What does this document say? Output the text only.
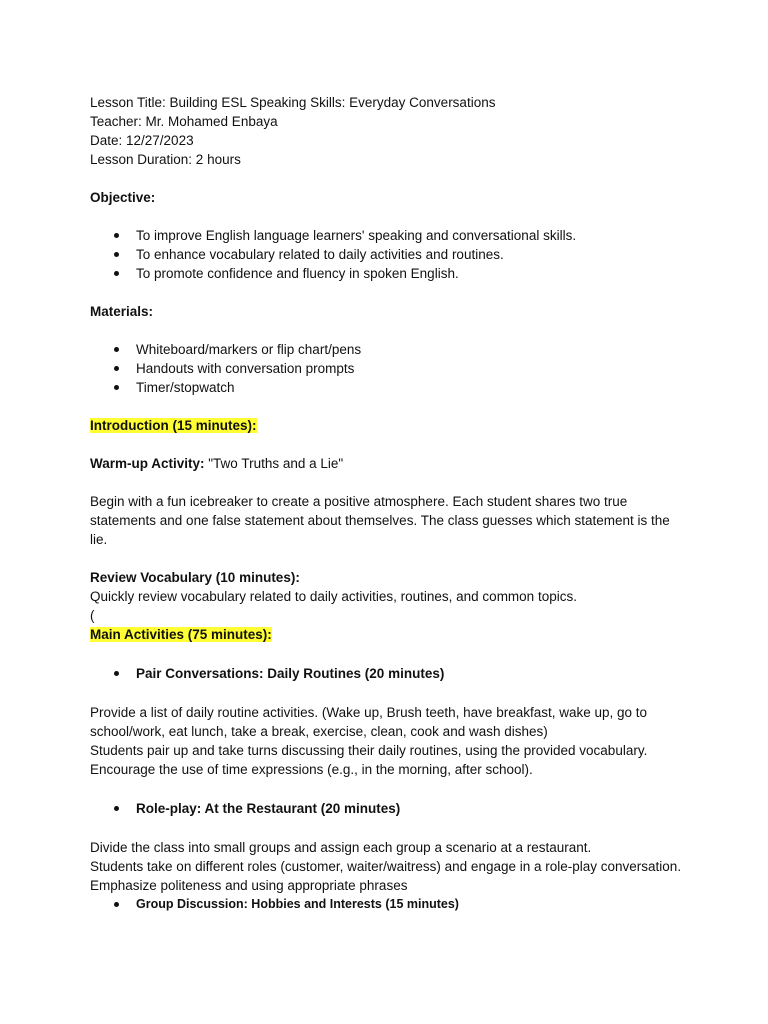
Lesson Title: Building ESL Speaking Skills: Everyday Conversations

Teacher: Mr. Mohamed Enbaya

Date: 12/27/2023

Lesson Duration: 2 hours

Objective:

To improve English language learners' speaking and conversational skills.
To enhance vocabulary related to daily activities and routines.
To promote confidence and fluency in spoken English.

Materials:

Whiteboard/markers or flip chart/pens
Handouts with conversation prompts
Timer/stopwatch

Introduction (15 minutes):

Warm-up Activity: "Two Truths and a Lie"

Begin with a fun icebreaker to create a positive atmosphere. Each student shares two true statements and one false statement about themselves. The class guesses which statement is the lie.

Review Vocabulary (10 minutes):

Quickly review vocabulary related to daily activities, routines, and common topics.

(

Main Activities (75 minutes):

Pair Conversations: Daily Routines (20 minutes)

Provide a list of daily routine activities. (Wake up, Brush teeth, have breakfast, wake up, go to school/work, eat lunch, take a break, exercise, clean, cook and wash dishes)

Students pair up and take turns discussing their daily routines, using the provided vocabulary. Encourage the use of time expressions (e.g., in the morning, after school).

Role-play: At the Restaurant (20 minutes)

Divide the class into small groups and assign each group a scenario at a restaurant.

Students take on different roles (customer, waiter/waitress) and engage in a role-play conversation. Emphasize politeness and using appropriate phrases

Group Discussion: Hobbies and Interests (15 minutes)
